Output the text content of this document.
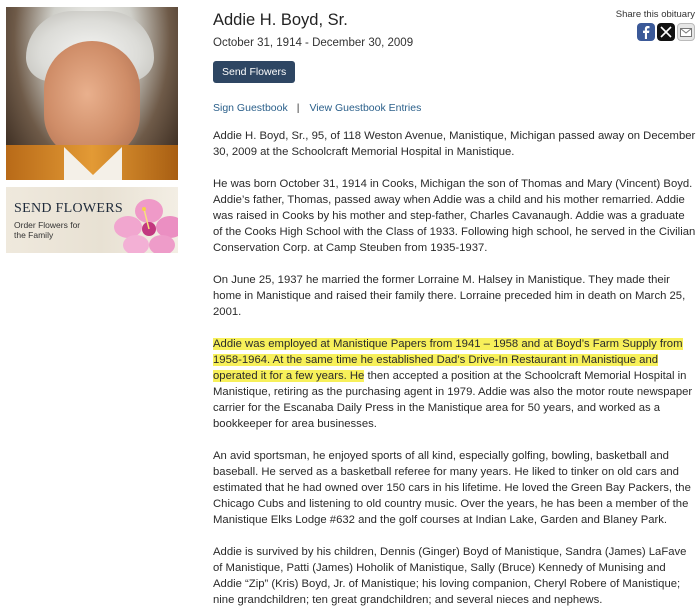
SEND FLOWERS
Order Flowers for the Family
Addie H. Boyd, Sr.
October 31, 1914 - December 30, 2009
Send Flowers
Sign Guestbook | View Guestbook Entries

Addie H. Boyd, Sr., 95, of 118 Weston Avenue, Manistique, Michigan passed away on December 30, 2009 at the Schoolcraft Memorial Hospital in Manistique.

He was born October 31, 1914 in Cooks, Michigan the son of Thomas and Mary (Vincent) Boyd. Addie’s father, Thomas, passed away when Addie was a child and his mother remarried. Addie was raised in Cooks by his mother and step-father, Charles Cavanaugh. Addie was a graduate of the Cooks High School with the Class of 1933. Following high school, he served in the Civilian Conservation Corp. at Camp Steuben from 1935-1937.

On June 25, 1937 he married the former Lorraine M. Halsey in Manistique. They made their home in Manistique and raised their family there. Lorraine preceded him in death on March 25, 2001.

Addie was employed at Manistique Papers from 1941 – 1958 and at Boyd’s Farm Supply from 1958-1964. At the same time he established Dad’s Drive-In Restaurant in Manistique and operated it for a few years. He then accepted a position at the Schoolcraft Memorial Hospital in Manistique, retiring as the purchasing agent in 1979. Addie was also the motor route newspaper carrier for the Escanaba Daily Press in the Manistique area for 50 years, and worked as a bookkeeper for area businesses.

An avid sportsman, he enjoyed sports of all kind, especially golfing, bowling, basketball and baseball. He served as a basketball referee for many years. He liked to tinker on old cars and estimated that he had owned over 150 cars in his lifetime. He loved the Green Bay Packers, the Chicago Cubs and listening to old country music. Over the years, he has been a member of the Manistique Elks Lodge #632 and the golf courses at Indian Lake, Garden and Blaney Park.

Addie is survived by his children, Dennis (Ginger) Boyd of Manistique, Sandra (James) LaFave of Manistique, Patti (James) Hoholik of Manistique, Sally (Bruce) Kennedy of Munising and Addie “Zip” (Kris) Boyd, Jr. of Manistique; his loving companion, Cheryl Robere of Manistique; nine grandchildren; ten great grandchildren; and several nieces and nephews.

Share this obituary
